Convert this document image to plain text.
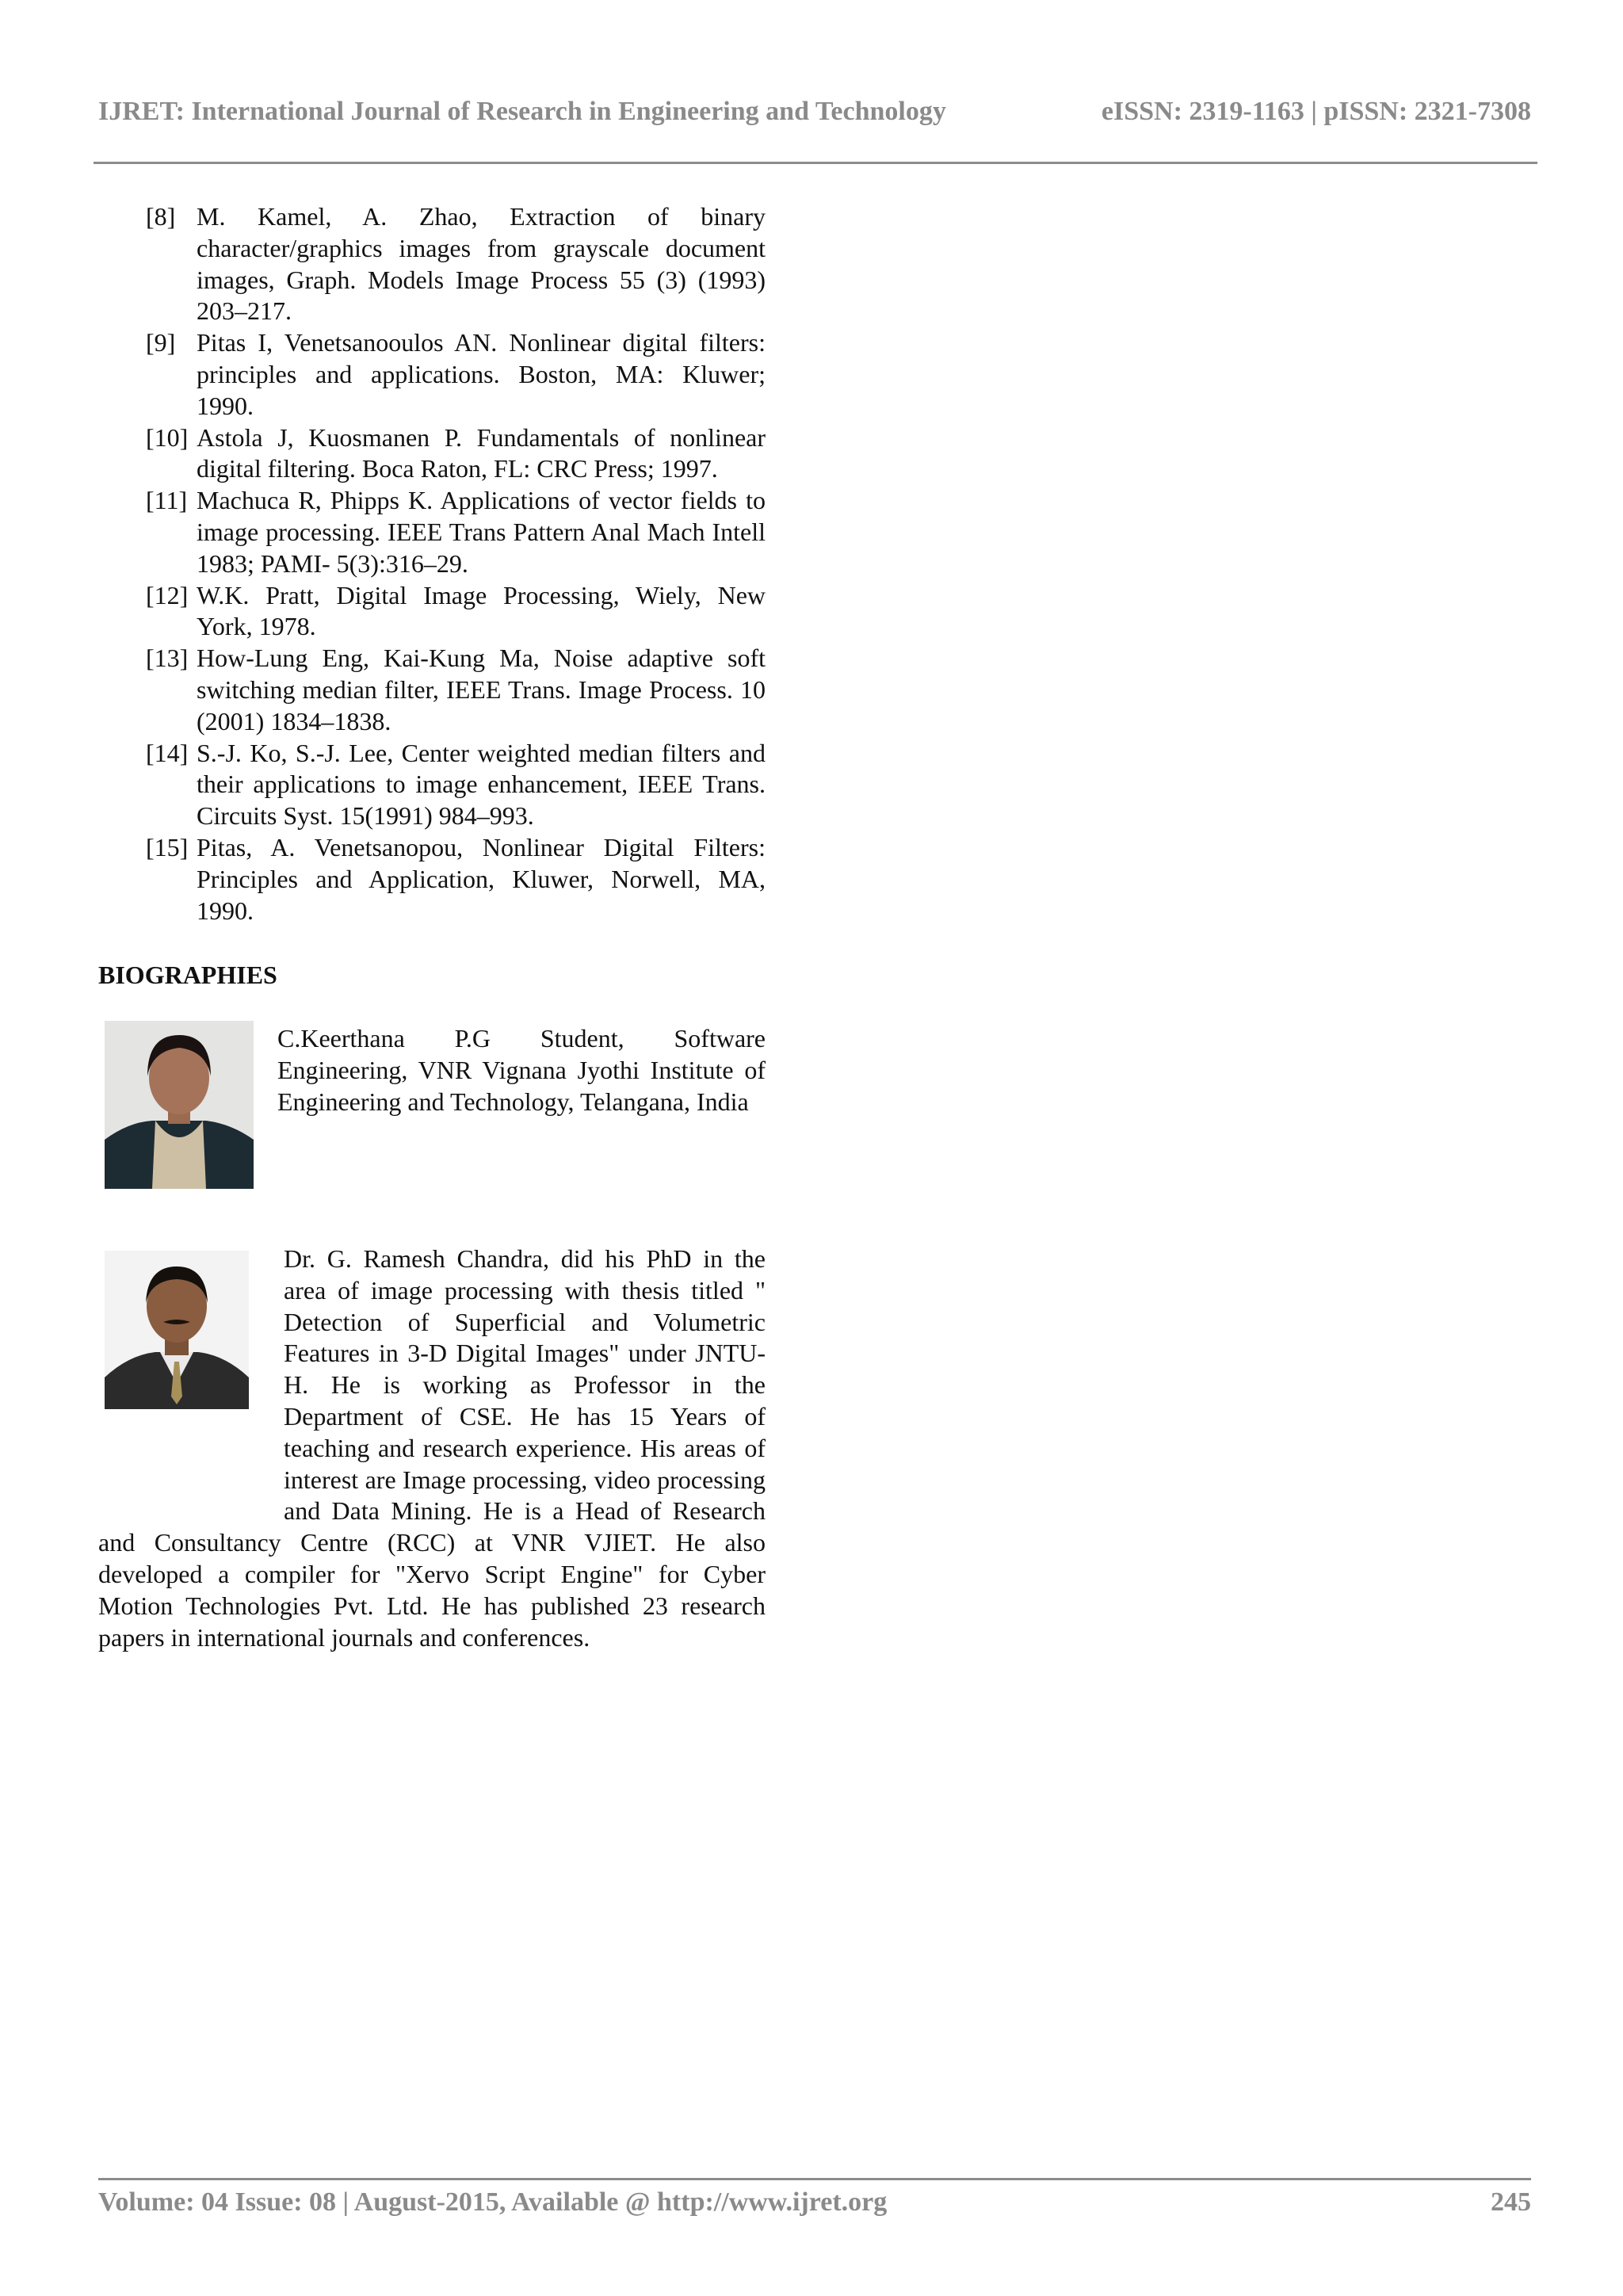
IJRET: International Journal of Research in Engineering and Technology	eISSN: 2319-1163 | pISSN: 2321-7308
[8] M. Kamel, A. Zhao, Extraction of binary character/graphics images from grayscale document images, Graph. Models Image Process 55 (3) (1993) 203–217.
[9] Pitas I, Venetsanooulos AN. Nonlinear digital filters: principles and applications. Boston, MA: Kluwer; 1990.
[10] Astola J, Kuosmanen P. Fundamentals of nonlinear digital filtering. Boca Raton, FL: CRC Press; 1997.
[11] Machuca R, Phipps K. Applications of vector fields to image processing. IEEE Trans Pattern Anal Mach Intell 1983; PAMI- 5(3):316–29.
[12] W.K. Pratt, Digital Image Processing, Wiely, New York, 1978.
[13] How-Lung Eng, Kai-Kung Ma, Noise adaptive soft switching median filter, IEEE Trans. Image Process. 10 (2001) 1834–1838.
[14] S.-J. Ko, S.-J. Lee, Center weighted median filters and their applications to image enhancement, IEEE Trans. Circuits Syst. 15(1991) 984–993.
[15] Pitas, A. Venetsanopou, Nonlinear Digital Filters: Principles and Application, Kluwer, Norwell, MA, 1990.
BIOGRAPHIES
C.Keerthana P.G Student, Software Engineering, VNR Vignana Jyothi Institute of Engineering and Technology, Telangana, India
Dr. G. Ramesh Chandra, did his PhD in the area of image processing with thesis titled " Detection of Superficial and Volumetric Features in 3-D Digital Images" under JNTU-H. He is working as Professor in the Department of CSE. He has 15 Years of teaching and research experience. His areas of interest are Image processing, video processing and Data Mining. He is a Head of Research and Consultancy Centre (RCC) at VNR VJIET. He also developed a compiler for "Xervo Script Engine" for Cyber Motion Technologies Pvt. Ltd. He has published 23 research papers in international journals and conferences.
Volume: 04 Issue: 08 | August-2015, Available @ http://www.ijret.org	245
